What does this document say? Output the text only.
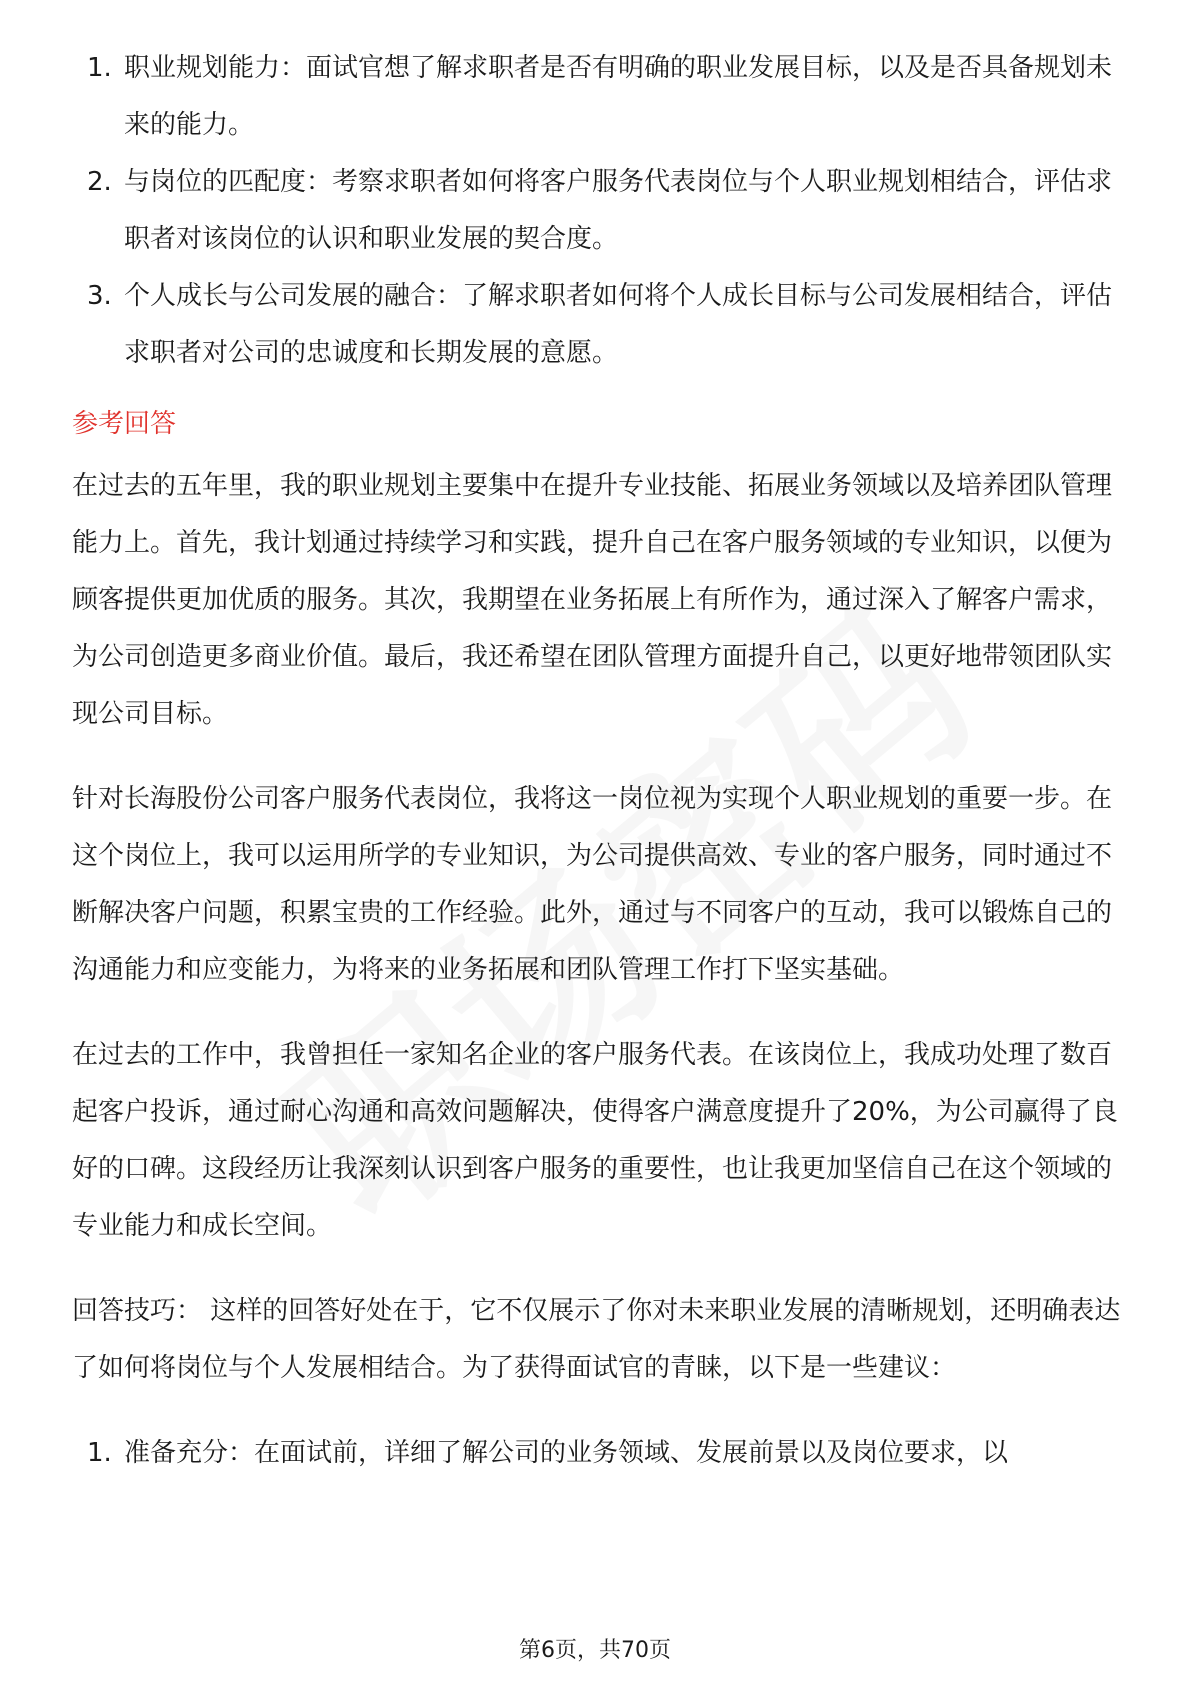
1. 职业规划能力：面试官想了解求职者是否有明确的职业发展目标，以及是否具备规划未来的能力。
2. 与岗位的匹配度：考察求职者如何将客户服务代表岗位与个人职业规划相结合，评估求职者对该岗位的认识和职业发展的契合度。
3. 个人成长与公司发展的融合：了解求职者如何将个人成长目标与公司发展相结合，评估求职者对公司的忠诚度和长期发展的意愿。
参考回答

在过去的五年里，我的职业规划主要集中在提升专业技能、拓展业务领域以及培养团队管理能力上。首先，我计划通过持续学习和实践，提升自己在客户服务领域的专业知识，以便为顾客提供更加优质的服务。其次，我期望在业务拓展上有所作为，通过深入了解客户需求，为公司创造更多商业价值。最后，我还希望在团队管理方面提升自己，以更好地带领团队实现公司目标。

针对长海股份公司客户服务代表岗位，我将这一岗位视为实现个人职业规划的重要一步。在这个岗位上，我可以运用所学的专业知识，为公司提供高效、专业的客户服务，同时通过不断解决客户问题，积累宝贵的工作经验。此外，通过与不同客户的互动，我可以锻炼自己的沟通能力和应变能力，为将来的业务拓展和团队管理工作打下坚实基础。

在过去的工作中，我曾担任一家知名企业的客户服务代表。在该岗位上，我成功处理了数百起客户投诉，通过耐心沟通和高效问题解决，使得客户满意度提升了20%，为公司赢得了良好的口碑。这段经历让我深刻认识到客户服务的重要性，也让我更加坚信自己在这个领域的专业能力和成长空间。

回答技巧： 这样的回答好处在于，它不仅展示了你对未来职业发展的清晰规划，还明确表达了如何将岗位与个人发展相结合。为了获得面试官的青睐，以下是一些建议：

1. 准备充分：在面试前，详细了解公司的业务领域、发展前景以及岗位要求，以
第6页，共70页
